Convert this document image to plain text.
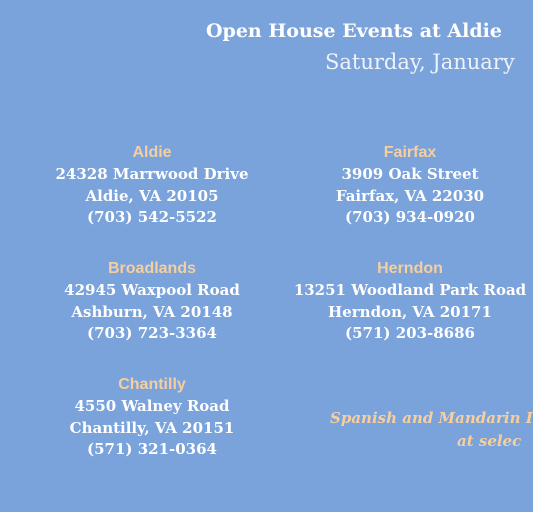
Open House Events at Aldie
Saturday, January
Aldie
24328 Marrwood Drive
Aldie, VA 20105
(703) 542-5522
Fairfax
3909 Oak Street
Fairfax, VA 22030
(703) 934-0920
Broadlands
42945 Waxpool Road
Ashburn, VA 20148
(703) 723-3364
Herndon
13251 Woodland Park Road
Herndon, VA 20171
(571) 203-8686
Chantilly
4550 Walney Road
Chantilly, VA 20151
(571) 321-0364
Spanish and Mandarin I
at selec
